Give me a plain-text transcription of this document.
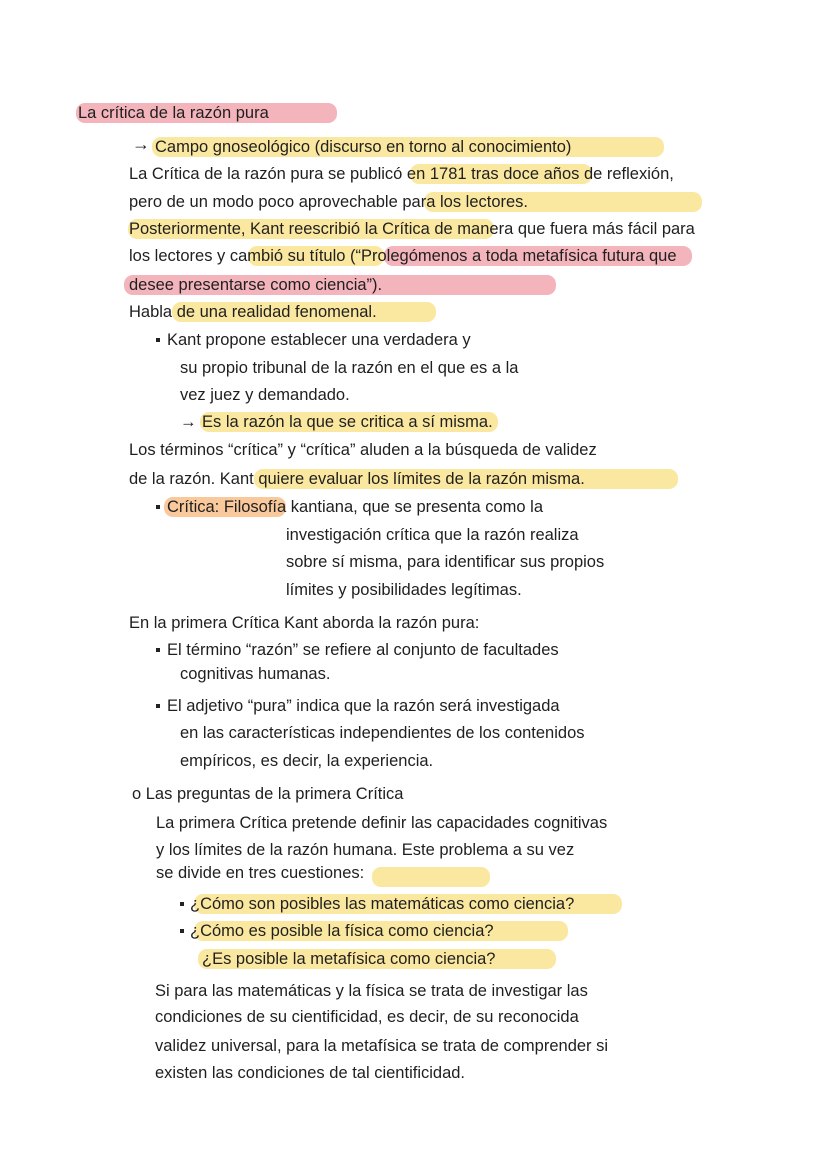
La crítica de la razón pura
→ Campo gnoseológico (discurso en torno al conocimiento)
La Crítica de la razón pura se publicó en 1781 tras doce años de reflexión,
pero de un modo poco aprovechable para los lectores.
Posteriormente, Kant reescribió la Crítica de manera que fuera más fácil para
los lectores y cambió su título (“Prolegómenos a toda metafísica futura que
desee presentarse como ciencia”).
Habla de una realidad fenomenal.
Kant propone establecer una verdadera y
su propio tribunal de la razón en el que es a la
vez juez y demandado.
→ Es la razón la que se critica a sí misma.
Los términos “crítica” y “crítica” aluden a la búsqueda de validez
de la razón. Kant quiere evaluar los límites de la razón misma.
Crítica: Filosofía kantiana, que se presenta como la
investigación crítica que la razón realiza
sobre sí misma, para identificar sus propios
límites y posibilidades legítimas.
En la primera Crítica Kant aborda la razón pura:
El término “razón” se refiere al conjunto de facultades
cognitivas humanas.
El adjetivo “pura” indica que la razón será investigada
en las características independientes de los contenidos
empíricos, es decir, la experiencia.
o Las preguntas de la primera Crítica
La primera Crítica pretende definir las capacidades cognitivas
y los límites de la razón humana. Este problema a su vez
se divide en tres cuestiones:
¿Cómo son posibles las matemáticas como ciencia?
¿Cómo es posible la física como ciencia?
¿Es posible la metafísica como ciencia?
Si para las matemáticas y la física se trata de investigar las
condiciones de su cientificidad, es decir, de su reconocida
validez universal, para la metafísica se trata de comprender si
existen las condiciones de tal cientificidad.
